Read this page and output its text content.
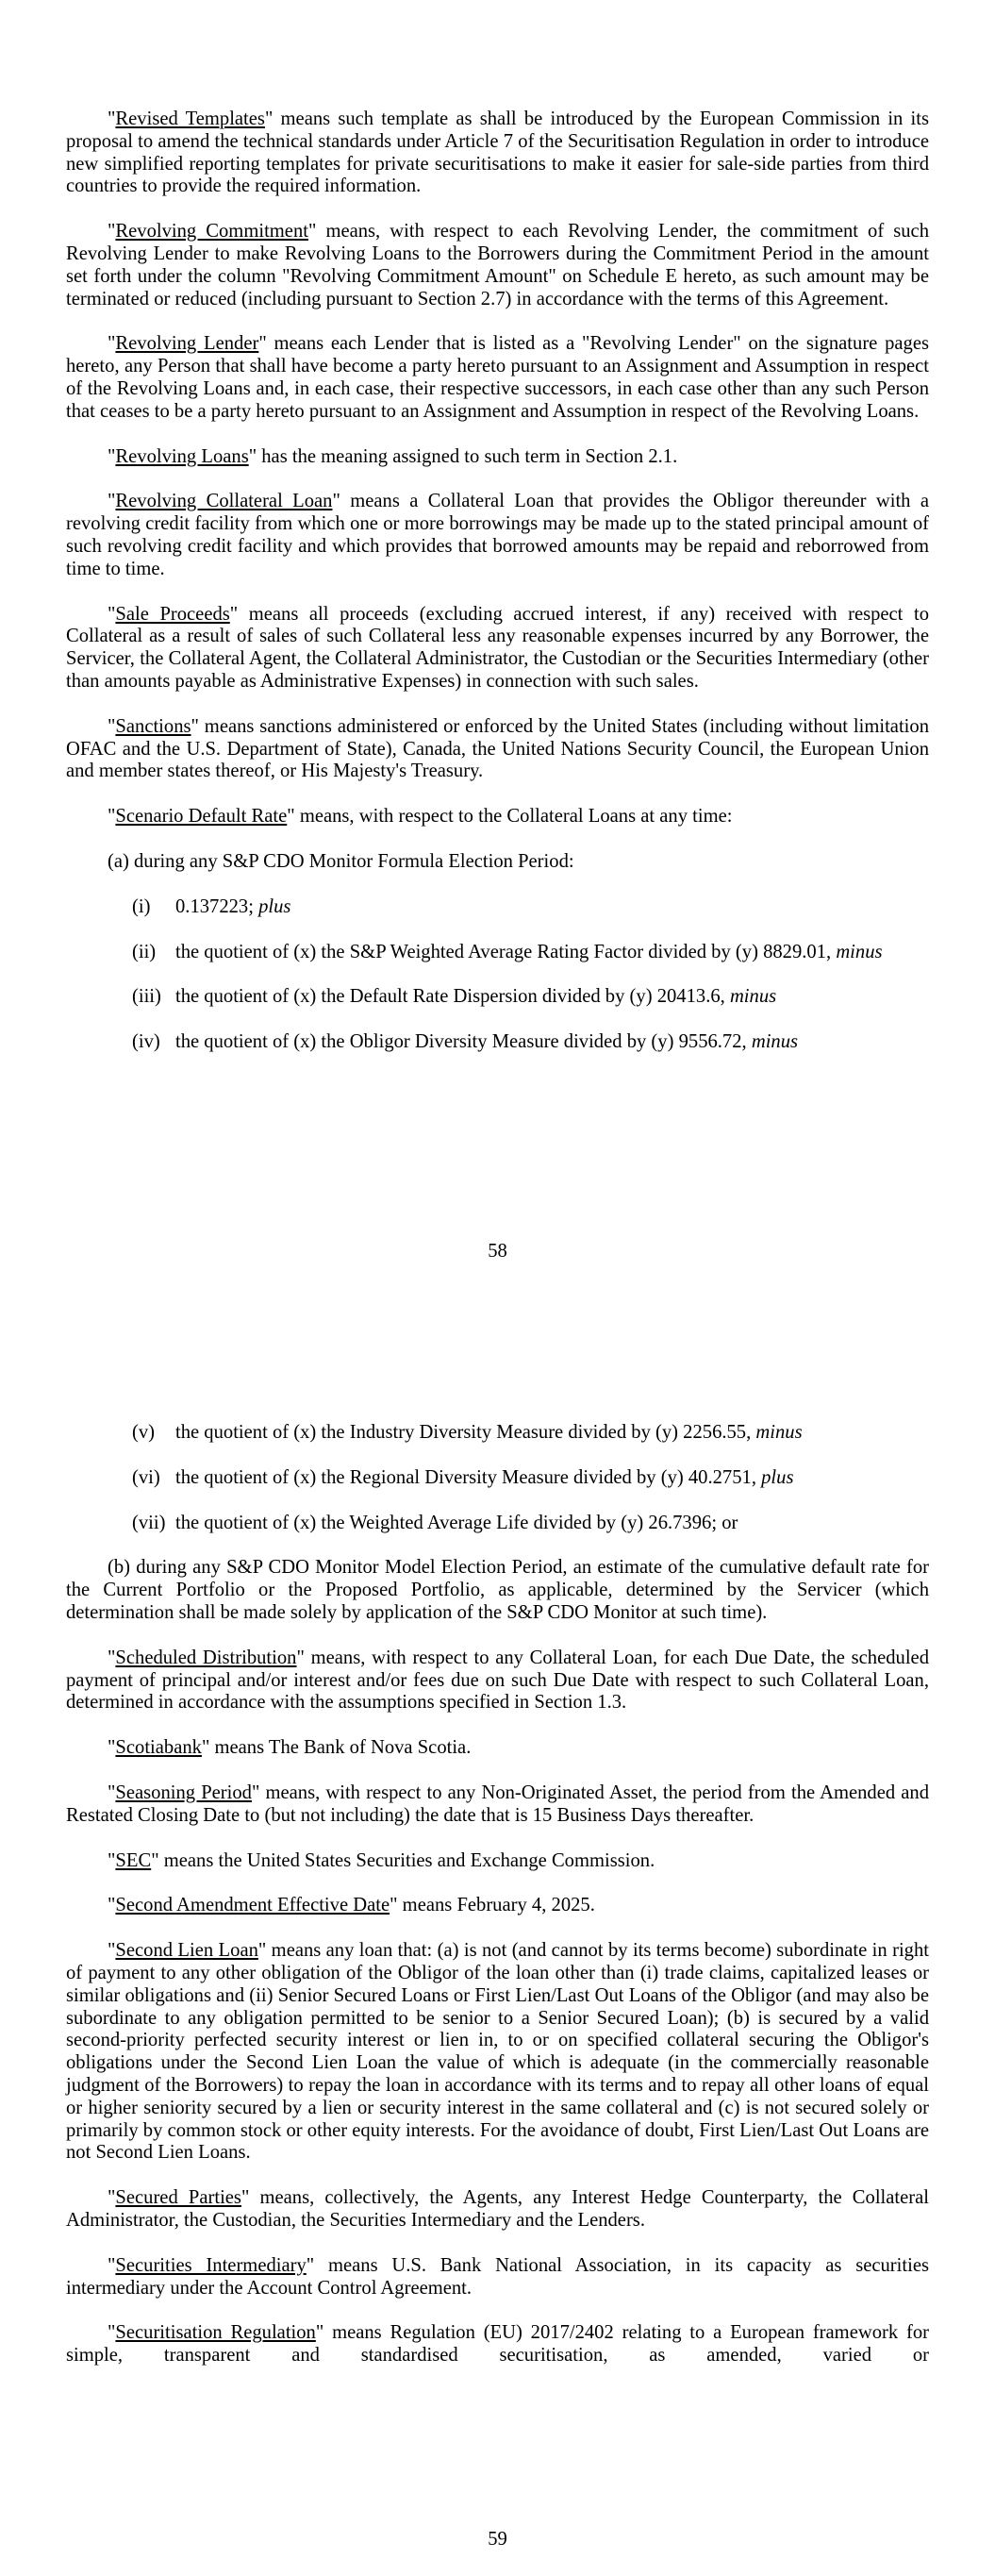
"Revised Templates" means such template as shall be introduced by the European Commission in its proposal to amend the technical standards under Article 7 of the Securitisation Regulation in order to introduce new simplified reporting templates for private securitisations to make it easier for sale-side parties from third countries to provide the required information.

"Revolving Commitment" means, with respect to each Revolving Lender, the commitment of such Revolving Lender to make Revolving Loans to the Borrowers during the Commitment Period in the amount set forth under the column "Revolving Commitment Amount" on Schedule E hereto, as such amount may be terminated or reduced (including pursuant to Section 2.7) in accordance with the terms of this Agreement.

"Revolving Lender" means each Lender that is listed as a "Revolving Lender" on the signature pages hereto, any Person that shall have become a party hereto pursuant to an Assignment and Assumption in respect of the Revolving Loans and, in each case, their respective successors, in each case other than any such Person that ceases to be a party hereto pursuant to an Assignment and Assumption in respect of the Revolving Loans.

"Revolving Loans" has the meaning assigned to such term in Section 2.1.

"Revolving Collateral Loan" means a Collateral Loan that provides the Obligor thereunder with a revolving credit facility from which one or more borrowings may be made up to the stated principal amount of such revolving credit facility and which provides that borrowed amounts may be repaid and reborrowed from time to time.

"Sale Proceeds" means all proceeds (excluding accrued interest, if any) received with respect to Collateral as a result of sales of such Collateral less any reasonable expenses incurred by any Borrower, the Servicer, the Collateral Agent, the Collateral Administrator, the Custodian or the Securities Intermediary (other than amounts payable as Administrative Expenses) in connection with such sales.

"Sanctions" means sanctions administered or enforced by the United States (including without limitation OFAC and the U.S. Department of State), Canada, the United Nations Security Council, the European Union and member states thereof, or His Majesty's Treasury.

"Scenario Default Rate" means, with respect to the Collateral Loans at any time:

(a) during any S&P CDO Monitor Formula Election Period:

(i) 0.137223; plus

(ii) the quotient of (x) the S&P Weighted Average Rating Factor divided by (y) 8829.01, minus

(iii) the quotient of (x) the Default Rate Dispersion divided by (y) 20413.6, minus

(iv) the quotient of (x) the Obligor Diversity Measure divided by (y) 9556.72, minus

58

(v) the quotient of (x) the Industry Diversity Measure divided by (y) 2256.55, minus

(vi) the quotient of (x) the Regional Diversity Measure divided by (y) 40.2751, plus

(vii) the quotient of (x) the Weighted Average Life divided by (y) 26.7396; or

(b) during any S&P CDO Monitor Model Election Period, an estimate of the cumulative default rate for the Current Portfolio or the Proposed Portfolio, as applicable, determined by the Servicer (which determination shall be made solely by application of the S&P CDO Monitor at such time).

"Scheduled Distribution" means, with respect to any Collateral Loan, for each Due Date, the scheduled payment of principal and/or interest and/or fees due on such Due Date with respect to such Collateral Loan, determined in accordance with the assumptions specified in Section 1.3.

"Scotiabank" means The Bank of Nova Scotia.

"Seasoning Period" means, with respect to any Non-Originated Asset, the period from the Amended and Restated Closing Date to (but not including) the date that is 15 Business Days thereafter.

"SEC" means the United States Securities and Exchange Commission.

"Second Amendment Effective Date" means February 4, 2025.

"Second Lien Loan" means any loan that: (a) is not (and cannot by its terms become) subordinate in right of payment to any other obligation of the Obligor of the loan other than (i) trade claims, capitalized leases or similar obligations and (ii) Senior Secured Loans or First Lien/Last Out Loans of the Obligor (and may also be subordinate to any obligation permitted to be senior to a Senior Secured Loan); (b) is secured by a valid second-priority perfected security interest or lien in, to or on specified collateral securing the Obligor's obligations under the Second Lien Loan the value of which is adequate (in the commercially reasonable judgment of the Borrowers) to repay the loan in accordance with its terms and to repay all other loans of equal or higher seniority secured by a lien or security interest in the same collateral and (c) is not secured solely or primarily by common stock or other equity interests. For the avoidance of doubt, First Lien/Last Out Loans are not Second Lien Loans.

"Secured Parties" means, collectively, the Agents, any Interest Hedge Counterparty, the Collateral Administrator, the Custodian, the Securities Intermediary and the Lenders.

"Securities Intermediary" means U.S. Bank National Association, in its capacity as securities intermediary under the Account Control Agreement.

"Securitisation Regulation" means Regulation (EU) 2017/2402 relating to a European framework for simple, transparent and standardised securitisation, as amended, varied or

59
